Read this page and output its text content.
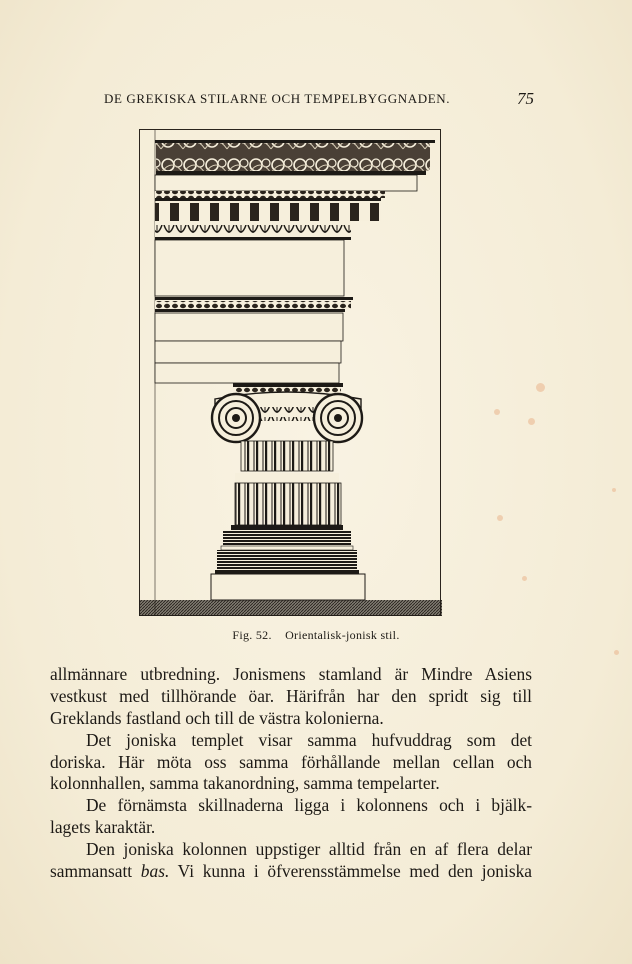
DE GREKISKA STILARNE OCH TEMPELBYGGNADEN.	75
Fig. 52. Orientalisk-jonisk stil.
allmännare utbredning. Jonismens stamland är Mindre Asiens
vestkust med tillhörande öar. Härifrån har den spridt sig till
Greklands fastland och till de västra kolonierna.
Det joniska templet visar samma hufvuddrag som det
doriska. Här möta oss samma förhållande mellan cellan och
kolonnhallen, samma takanordning, samma tempelarter.
De förnämsta skillnaderna ligga i kolonnens och i bjälk-
lagets karaktär.
Den joniska kolonnen uppstiger alltid från en af flera delar
sammansatt bas. Vi kunna i öfverensstämmelse med den joniska
